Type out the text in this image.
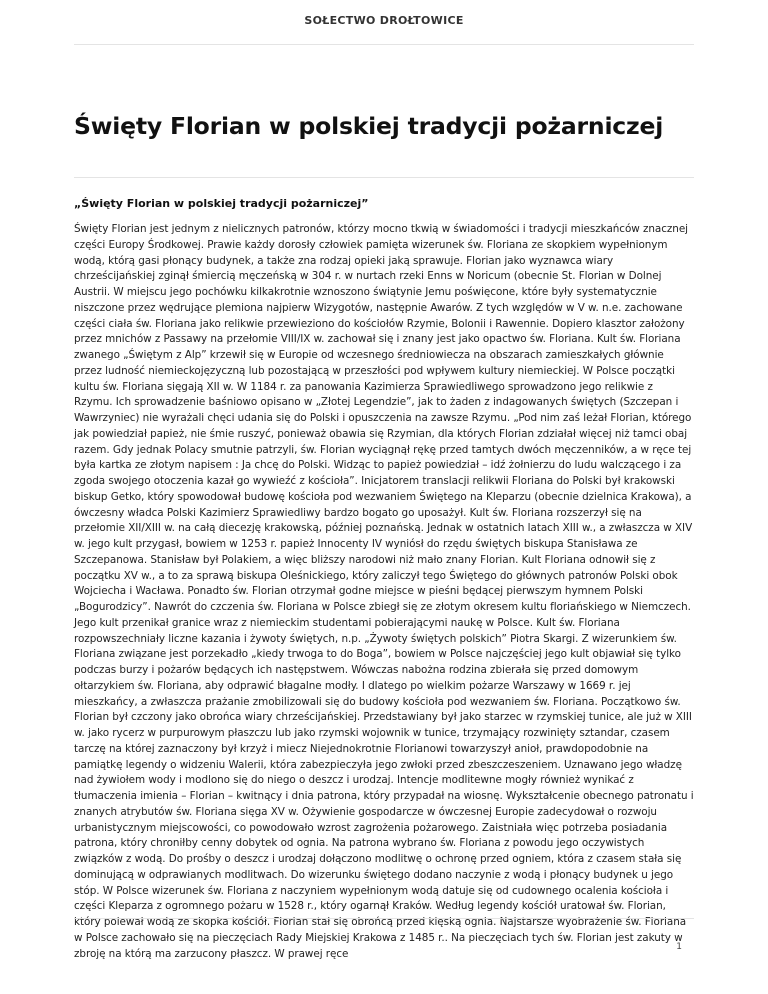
SOŁECTWO DROŁTOWICE
Święty Florian w polskiej tradycji pożarniczej

„Święty Florian w polskiej tradycji pożarniczej”

Święty Florian jest jednym z nielicznych patronów, którzy mocno tkwią w świadomości i tradycji mieszkańców znacznej części Europy Środkowej. Prawie każdy dorosły człowiek pamięta wizerunek św. Floriana ze skopkiem wypełnionym wodą, którą gasi płonący budynek, a także zna rodzaj opieki jaką sprawuje. Florian jako wyznawca wiary chrześcijańskiej zginął śmiercią męczeńską w 304 r. w nurtach rzeki Enns w Noricum (obecnie St. Florian w Dolnej Austrii. W miejscu jego pochówku kilkakrotnie wznoszono świątynie Jemu poświęcone, które były systematycznie niszczone przez wędrujące plemiona najpierw Wizygotów, następnie Awarów. Z tych względów w V w. n.e. zachowane części ciała św. Floriana jako relikwie przewieziono do kościołów Rzymie, Bolonii i Rawennie. Dopiero klasztor założony przez mnichów z Passawy na przełomie VIII/IX w. zachował się i znany jest jako opactwo św. Floriana. Kult św. Floriana zwanego „Świętym z Alp” krzewił się w Europie od wczesnego średniowiecza na obszarach zamieszkałych głównie przez ludność niemieckojęzyczną lub pozostającą w przeszłości pod wpływem kultury niemieckiej. W Polsce początki kultu św. Floriana sięgają XII w. W 1184 r. za panowania Kazimierza Sprawiedliwego sprowadzono jego relikwie z Rzymu. Ich sprowadzenie baśniowo opisano w „Złotej Legendzie”, jak to żaden z indagowanych świętych (Szczepan i Wawrzyniec) nie wyrażali chęci udania się do Polski i opuszczenia na zawsze Rzymu. „Pod nim zaś leżał Florian, którego jak powiedział papież, nie śmie ruszyć, ponieważ obawia się Rzymian, dla których Florian zdziałał więcej niż tamci obaj razem. Gdy jednak Polacy smutnie patrzyli, św. Florian wyciągnął rękę przed tamtych dwóch męczenników, a w ręce tej była kartka ze złotym napisem : Ja chcę do Polski. Widząc to papież powiedział – idź żołnierzu do ludu walczącego i za zgoda swojego otoczenia kazał go wywieźć z kościoła”. Inicjatorem translacji relikwii Floriana do Polski był krakowski biskup Getko, który spowodował budowę kościoła pod wezwaniem Świętego na Kleparzu (obecnie dzielnica Krakowa), a ówczesny władca Polski Kazimierz Sprawiedliwy bardzo bogato go uposażył. Kult św. Floriana rozszerzył się na przełomie XII/XIII w. na całą diecezję krakowską, później poznańską. Jednak w ostatnich latach XIII w., a zwłaszcza w XIV w. jego kult przygasł, bowiem w 1253 r. papież Innocenty IV wyniósł do rzędu świętych biskupa Stanisława ze Szczepanowa. Stanisław był Polakiem, a więc bliższy narodowi niż mało znany Florian. Kult Floriana odnowił się z początku XV w., a to za sprawą biskupa Oleśnickiego, który zaliczył tego Świętego do głównych patronów Polski obok Wojciecha i Wacława. Ponadto św. Florian otrzymał godne miejsce w pieśni będącej pierwszym hymnem Polski „Bogurodzicy”. Nawrót do czczenia św. Floriana w Polsce zbiegł się ze złotym okresem kultu floriańskiego w Niemczech. Jego kult przenikał granice wraz z niemieckim studentami pobierającymi naukę w Polsce. Kult św. Floriana rozpowszechniały liczne kazania i żywoty świętych, n.p. „Żywoty świętych polskich” Piotra Skargi. Z wizerunkiem św. Floriana związane jest porzekadło „kiedy trwoga to do Boga”, bowiem w Polsce najczęściej jego kult objawiał się tylko podczas burzy i pożarów będących ich następstwem. Wówczas nabożna rodzina zbierała się przed domowym ołtarzykiem św. Floriana, aby odprawić błagalne modły. I dlatego po wielkim pożarze Warszawy w 1669 r. jej mieszkańcy, a zwłaszcza prażanie zmobilizowali się do budowy kościoła pod wezwaniem św. Floriana. Początkowo św. Florian był czczony jako obrońca wiary chrześcijańskiej. Przedstawiany był jako starzec w rzymskiej tunice, ale już w XIII w. jako rycerz w purpurowym płaszczu lub jako rzymski wojownik w tunice, trzymający rozwinięty sztandar, czasem tarczę na której zaznaczony był krzyż i miecz Niejednokrotnie Florianowi towarzyszył anioł, prawdopodobnie na pamiątkę legendy o widzeniu Walerii, która zabezpieczyła jego zwłoki przed zbeszczeszeniem. Uznawano jego władzę nad żywiołem wody i modlono się do niego o deszcz i urodzaj. Intencje modlitewne mogły również wynikać z tłumaczenia imienia – Florian – kwitnący i dnia patrona, który przypadał na wiosnę. Wykształcenie obecnego patronatu i znanych atrybutów św. Floriana sięga XV w. Ożywienie gospodarcze w ówczesnej Europie zadecydował o rozwoju urbanistycznym miejscowości, co powodowało wzrost zagrożenia pożarowego. Zaistniała więc potrzeba posiadania patrona, który chroniłby cenny dobytek od ognia. Na patrona wybrano św. Floriana z powodu jego oczywistych związków z wodą. Do prośby o deszcz i urodzaj dołączono modlitwę o ochronę przed ogniem, która z czasem stała się dominującą w odprawianych modlitwach. Do wizerunku świętego dodano naczynie z wodą i płonący budynek u jego stóp. W Polsce wizerunek św. Floriana z naczyniem wypełnionym wodą datuje się od cudownego ocalenia kościoła i części Kleparza z ogromnego pożaru w 1528 r., który ogarnął Kraków. Według legendy kościół uratował św. Florian, który polewał wodą ze skopka kościół. Florian stał się obrońcą przed klęską ognia. Najstarsze wyobrażenie św. Floriana w Polsce zachowało się na pieczęciach Rady Miejskiej Krakowa z 1485 r.. Na pieczęciach tych św. Florian jest zakuty w zbroję na którą ma zarzucony płaszcz. W prawej ręce

1
